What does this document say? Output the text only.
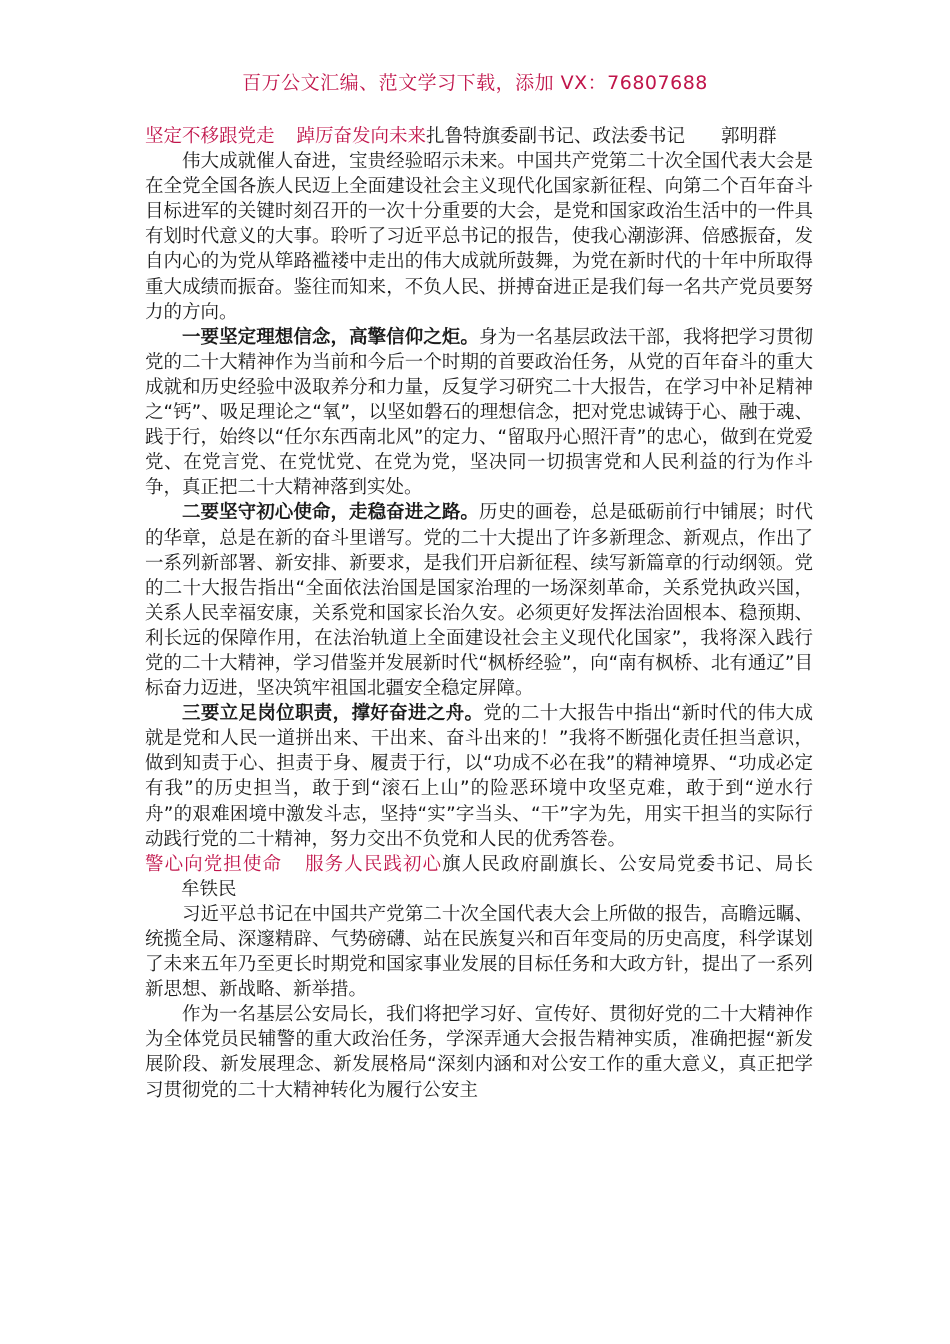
百万公文汇编、范文学习下载，添加 VX：76807688

坚定不移跟党走 踔厉奋发向未来扎鲁特旗委副书记、政法委书记 郭明群

伟大成就催人奋进，宝贵经验昭示未来。中国共产党第二十次全国代表大会是在全党全国各族人民迈上全面建设社会主义现代化国家新征程、向第二个百年奋斗目标进军的关键时刻召开的一次十分重要的大会，是党和国家政治生活中的一件具有划时代意义的大事。聆听了习近平总书记的报告，使我心潮澎湃、倍感振奋，发自内心的为党从筚路褴褛中走出的伟大成就所鼓舞，为党在新时代的十年中所取得重大成绩而振奋。鉴往而知来，不负人民、拼搏奋进正是我们每一名共产党员要努力的方向。

一要坚定理想信念，高擎信仰之炬。身为一名基层政法干部，我将把学习贯彻党的二十大精神作为当前和今后一个时期的首要政治任务，从党的百年奋斗的重大成就和历史经验中汲取养分和力量，反复学习研究二十大报告，在学习中补足精神之“钙”、吸足理论之“氧”，以坚如磐石的理想信念，把对党忠诚铸于心、融于魂、践于行，始终以“任尔东西南北风”的定力、“留取丹心照汗青”的忠心，做到在党爱党、在党言党、在党忧党、在党为党，坚决同一切损害党和人民利益的行为作斗争，真正把二十大精神落到实处。

二要坚守初心使命，走稳奋进之路。历史的画卷，总是砥砺前行中铺展；时代的华章，总是在新的奋斗里谱写。党的二十大提出了许多新理念、新观点，作出了一系列新部署、新安排、新要求，是我们开启新征程、续写新篇章的行动纲领。党的二十大报告指出“全面依法治国是国家治理的一场深刻革命，关系党执政兴国，关系人民幸福安康，关系党和国家长治久安。必须更好发挥法治固根本、稳预期、利长远的保障作用，在法治轨道上全面建设社会主义现代化国家”，我将深入践行党的二十大精神，学习借鉴并发展新时代“枫桥经验”，向“南有枫桥、北有通辽”目标奋力迈进，坚决筑牢祖国北疆安全稳定屏障。

三要立足岗位职责，撑好奋进之舟。党的二十大报告中指出“新时代的伟大成就是党和人民一道拼出来、干出来、奋斗出来的！”我将不断强化责任担当意识，做到知责于心、担责于身、履责于行，以“功成不必在我”的精神境界、“功成必定有我”的历史担当，敢于到“滚石上山”的险恶环境中攻坚克难，敢于到“逆水行舟”的艰难困境中激发斗志，坚持“实”字当头、“干”字为先，用实干担当的实际行动践行党的二十精神，努力交出不负党和人民的优秀答卷。

警心向党担使命 服务人民践初心旗人民政府副旗长、公安局党委书记、局长牟铁民

习近平总书记在中国共产党第二十次全国代表大会上所做的报告，高瞻远瞩、统揽全局、深邃精辟、气势磅礴、站在民族复兴和百年变局的历史高度，科学谋划了未来五年乃至更长时期党和国家事业发展的目标任务和大政方针，提出了一系列新思想、新战略、新举措。

作为一名基层公安局长，我们将把学习好、宣传好、贯彻好党的二十大精神作为全体党员民辅警的重大政治任务，学深弄通大会报告精神实质，准确把握“新发展阶段、新发展理念、新发展格局“深刻内涵和对公安工作的重大意义，真正把学习贯彻党的二十大精神转化为履行公安主
